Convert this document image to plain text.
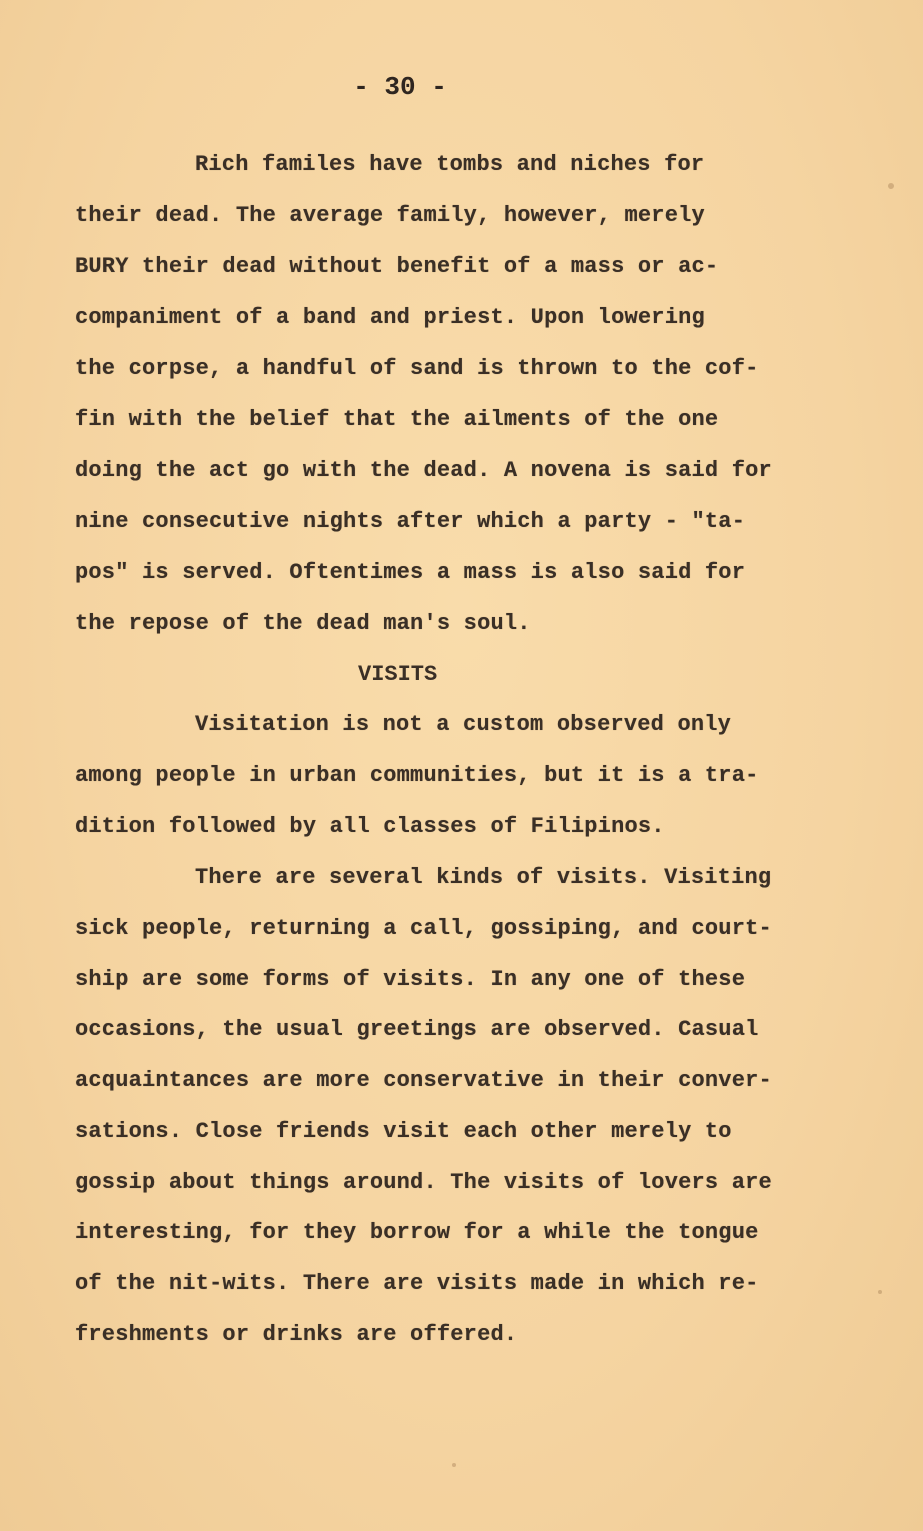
- 30 -
Rich familes have tombs and niches for
their dead. The average family, however, merely
BURY their dead without benefit of a mass or ac-
companiment of a band and priest. Upon lowering
the corpse, a handful of sand is thrown to the cof-
fin with the belief that the ailments of the one
doing the act go with the dead. A novena is said for
nine consecutive nights after which a party - "ta-
pos" is served. Oftentimes a mass is also said for
the repose of the dead man's soul.
VISITS
Visitation is not a custom observed only
among people in urban communities, but it is a tra-
dition followed by all classes of Filipinos.
There are several kinds of visits. Visiting
sick people, returning a call, gossiping, and court-
ship are some forms of visits. In any one of these
occasions, the usual greetings are observed. Casual
acquaintances are more conservative in their conver-
sations. Close friends visit each other merely to
gossip about things around. The visits of lovers are
interesting, for they borrow for a while the tongue
of the nit-wits. There are visits made in which re-
freshments or drinks are offered.
